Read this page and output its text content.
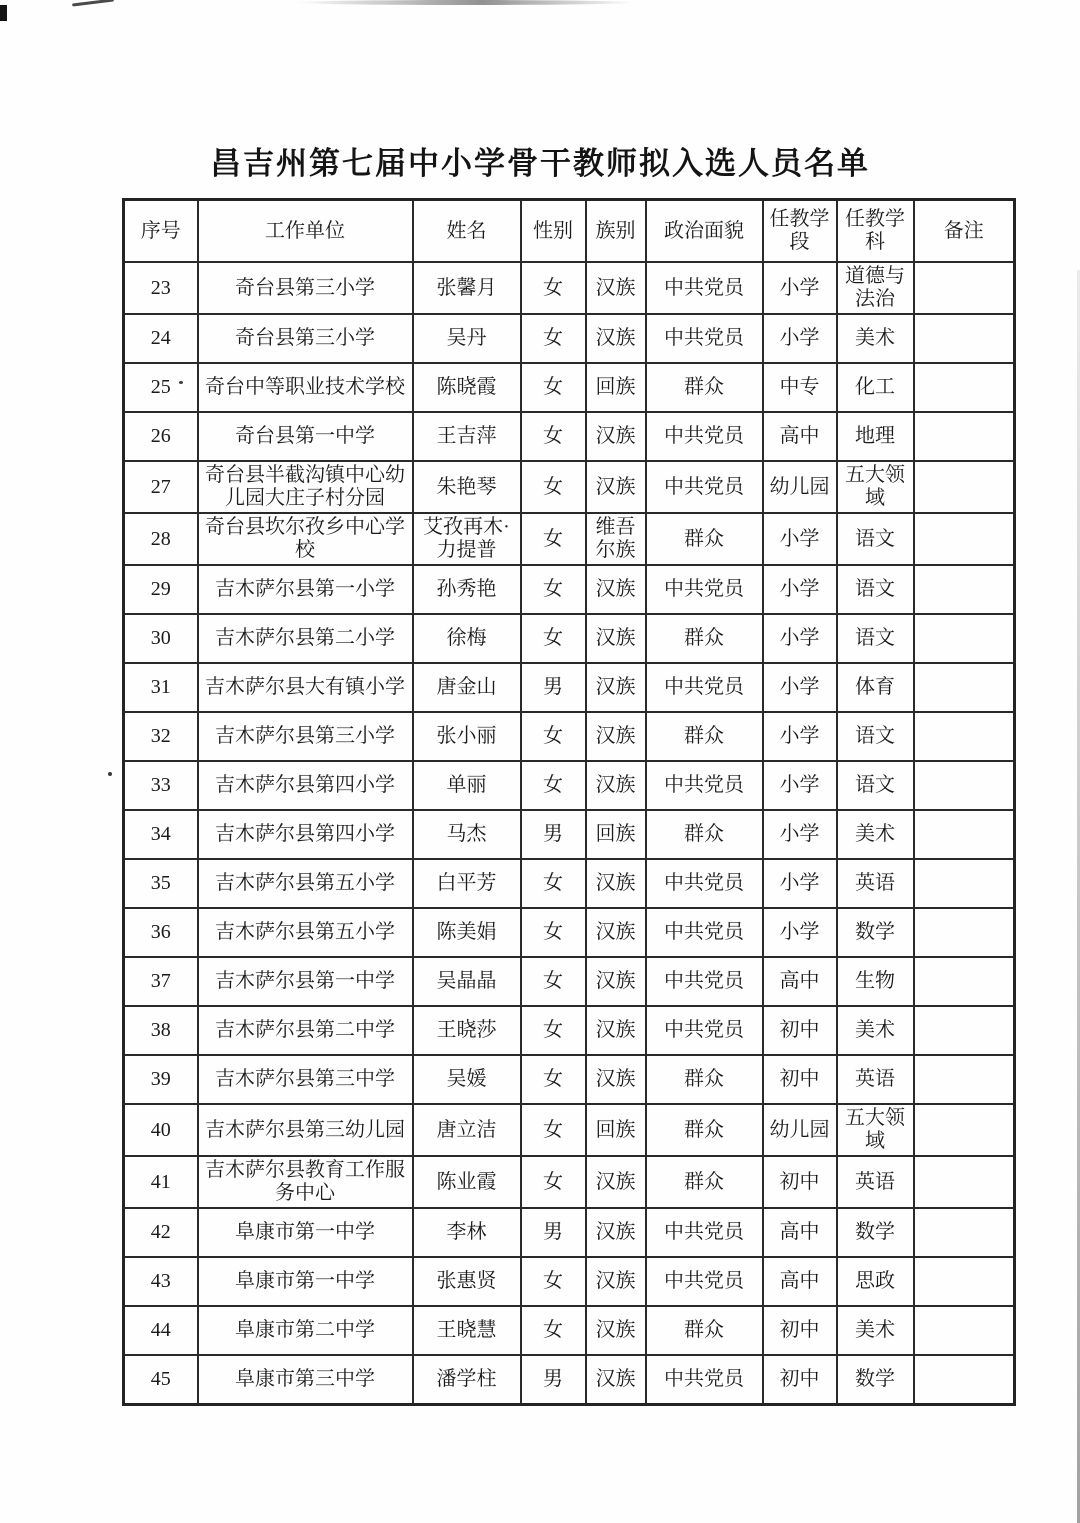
昌吉州第七届中小学骨干教师拟入选人员名单
序号	工作单位	姓名	性别	族别	政治面貌	任教学段	任教学科	备注
23	奇台县第三小学	张馨月	女	汉族	中共党员	小学	道德与法治	
24	奇台县第三小学	吴丹	女	汉族	中共党员	小学	美术	
25	奇台中等职业技术学校	陈晓霞	女	回族	群众	中专	化工	
26	奇台县第一中学	王吉萍	女	汉族	中共党员	高中	地理	
27	奇台县半截沟镇中心幼儿园大庄子村分园	朱艳琴	女	汉族	中共党员	幼儿园	五大领域	
28	奇台县坎尔孜乡中心学校	艾孜再木·力提普	女	维吾尔族	群众	小学	语文	
29	吉木萨尔县第一小学	孙秀艳	女	汉族	中共党员	小学	语文	
30	吉木萨尔县第二小学	徐梅	女	汉族	群众	小学	语文	
31	吉木萨尔县大有镇小学	唐金山	男	汉族	中共党员	小学	体育	
32	吉木萨尔县第三小学	张小丽	女	汉族	群众	小学	语文	
33	吉木萨尔县第四小学	单丽	女	汉族	中共党员	小学	语文	
34	吉木萨尔县第四小学	马杰	男	回族	群众	小学	美术	
35	吉木萨尔县第五小学	白平芳	女	汉族	中共党员	小学	英语	
36	吉木萨尔县第五小学	陈美娟	女	汉族	中共党员	小学	数学	
37	吉木萨尔县第一中学	吴晶晶	女	汉族	中共党员	高中	生物	
38	吉木萨尔县第二中学	王晓莎	女	汉族	中共党员	初中	美术	
39	吉木萨尔县第三中学	吴媛	女	汉族	群众	初中	英语	
40	吉木萨尔县第三幼儿园	唐立洁	女	回族	群众	幼儿园	五大领域	
41	吉木萨尔县教育工作服务中心	陈业霞	女	汉族	群众	初中	英语	
42	阜康市第一中学	李林	男	汉族	中共党员	高中	数学	
43	阜康市第一中学	张惠贤	女	汉族	中共党员	高中	思政	
44	阜康市第二中学	王晓慧	女	汉族	群众	初中	美术	
45	阜康市第三中学	潘学柱	男	汉族	中共党员	初中	数学	
